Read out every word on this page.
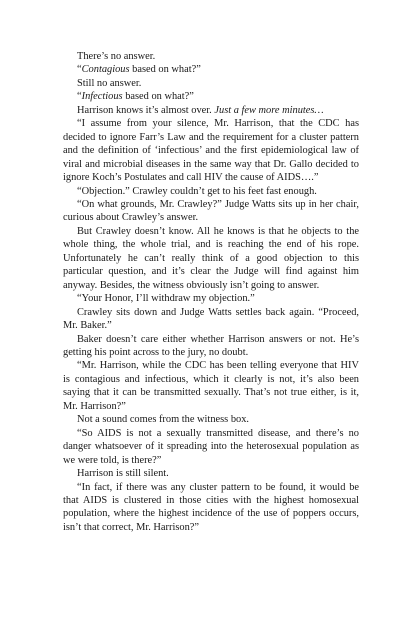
There’s no answer.

“Contagious based on what?”

Still no answer.

“Infectious based on what?”

Harrison knows it’s almost over. Just a few more minutes…

“I assume from your silence, Mr. Harrison, that the CDC has decided to ignore Farr’s Law and the requirement for a cluster pattern and the definition of ‘infectious’ and the first epidemiological law of viral and microbial diseases in the same way that Dr. Gallo decided to ignore Koch’s Postulates and call HIV the cause of AIDS….”

“Objection.” Crawley couldn’t get to his feet fast enough.

“On what grounds, Mr. Crawley?” Judge Watts sits up in her chair, curious about Crawley’s answer.

But Crawley doesn’t know. All he knows is that he objects to the whole thing, the whole trial, and is reaching the end of his rope. Unfortunately he can’t really think of a good objection to this particular question, and it’s clear the Judge will find against him anyway. Besides, the witness obviously isn’t going to answer.

“Your Honor, I’ll withdraw my objection.”

Crawley sits down and Judge Watts settles back again. “Proceed, Mr. Baker.”

Baker doesn’t care either whether Harrison answers or not. He’s getting his point across to the jury, no doubt.

“Mr. Harrison, while the CDC has been telling everyone that HIV is contagious and infectious, which it clearly is not, it’s also been saying that it can be transmitted sexually. That’s not true either, is it, Mr. Harrison?”

Not a sound comes from the witness box.

“So AIDS is not a sexually transmitted disease, and there’s no danger whatsoever of it spreading into the heterosexual population as we were told, is there?”

Harrison is still silent.

“In fact, if there was any cluster pattern to be found, it would be that AIDS is clustered in those cities with the highest homosexual population, where the highest incidence of the use of poppers occurs, isn’t that correct, Mr. Harrison?”
